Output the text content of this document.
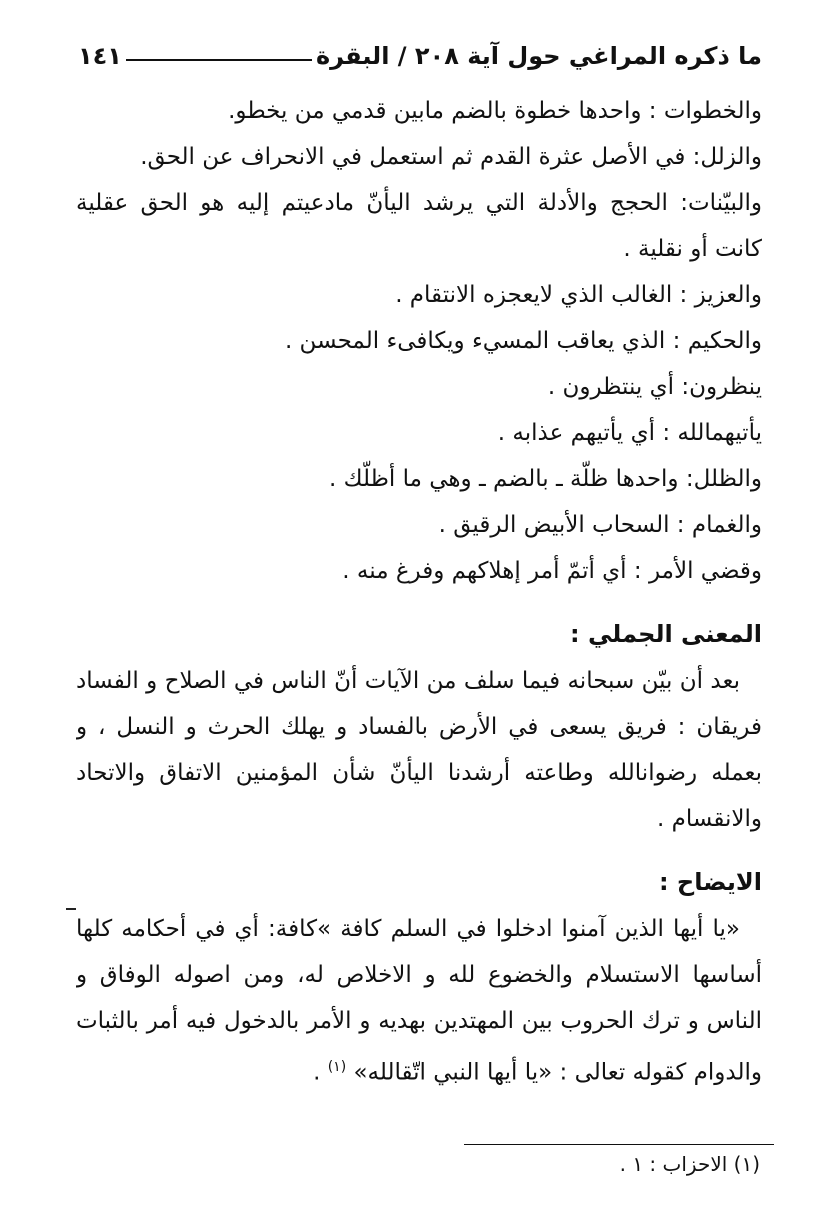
ما ذكره المراغي حول آية ٢٠٨ / البقرة
١٤١
والخطوات : واحدها خطوة بالضم مابين قدمي من يخطو.
والزلل: في الأصل عثرة القدم ثم استعمل في الانحراف عن الحق.
والبيّنات: الحجج والأدلة التي يرشد اليأنّ مادعيتم إليه هو الحق عقلية
كانت أو نقلية .
والعزيز : الغالب الذي لايعجزه الانتقام .
والحكيم : الذي يعاقب المسيء ويكافىء المحسن .
ينظرون: أي ينتظرون .
يأتيهمالله : أي يأتيهم عذابه .
والظلل: واحدها ظلّة ـ بالضم ـ وهي ما أظلّك .
والغمام : السحاب الأبيض الرقيق .
وقضي الأمر : أي أتمّ أمر إهلاكهم وفرغ منه .
المعنى الجملي :
بعد أن بيّن سبحانه فيما سلف من الآيات أنّ الناس في الصلاح و الفساد
فريقان : فريق يسعى في الأرض بالفساد و يهلك الحرث و النسل ، و
بعمله رضوانالله وطاعته أرشدنا اليأنّ شأن المؤمنين الاتفاق والاتحاد
والانقسام .
الايضاح :
«يا أيها الذين آمنوا ادخلوا في السلم كافة »كافة: أي في أحكامه كلها
أساسها الاستسلام والخضوع لله و الاخلاص له، ومن اصوله الوفاق و
الناس و ترك الحروب بين المهتدين بهديه و الأمر بالدخول فيه أمر بالثبات
والدوام كقوله تعالى : «يا أيها النبي اتّقالله» $^{(١)}$ .
(١) الاحزاب : ١ .
